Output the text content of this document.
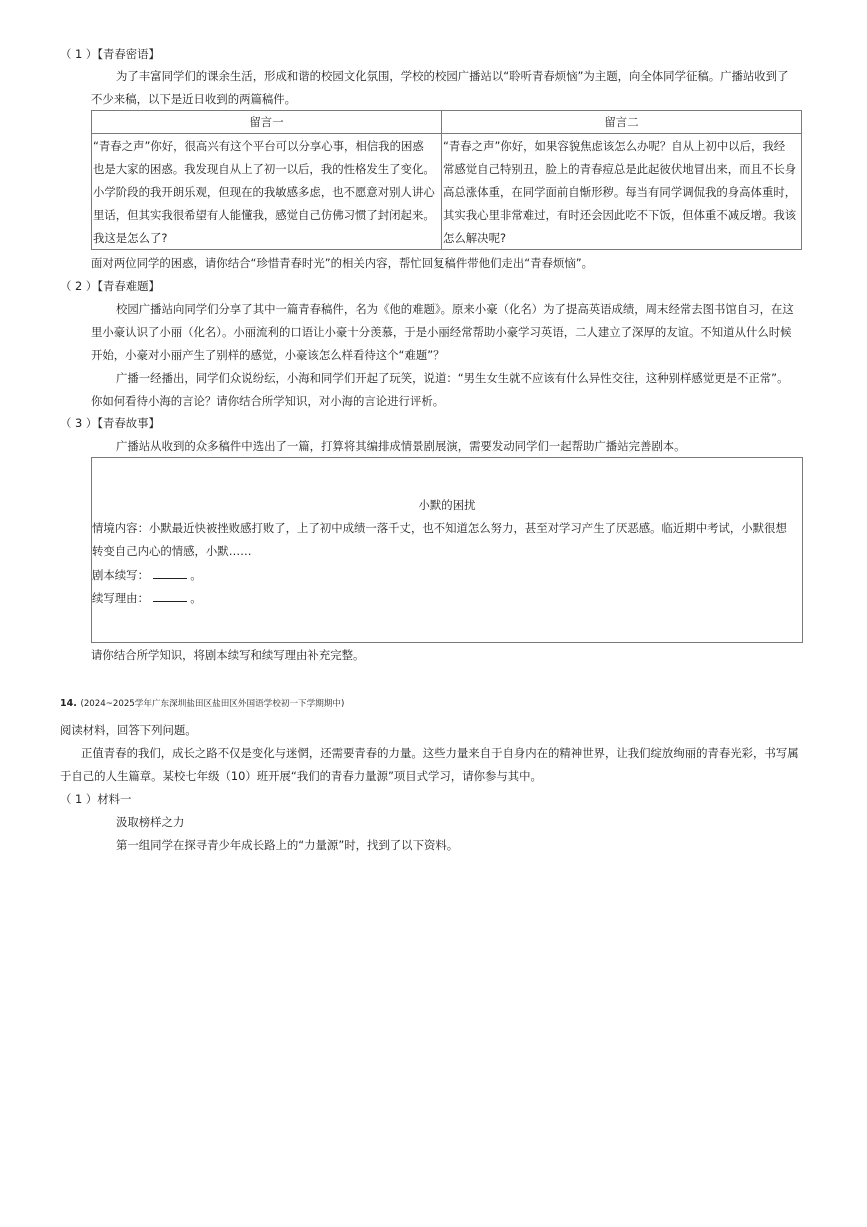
（ 1 ）【青春密语】
为了丰富同学们的课余生活，形成和谐的校园文化氛围，学校的校园广播站以“聆听青春烦恼”为主题，向全体同学征稿。广播站收到了
不少来稿，以下是近日收到的两篇稿件。
留言一	留言二
“青春之声”你好，很高兴有这个平台可以分享心事，相信我的困惑
也是大家的困惑。我发现自从上了初一以后，我的性格发生了变化。
小学阶段的我开朗乐观，但现在的我敏感多虑，也不愿意对别人讲心
里话，但其实我很希望有人能懂我，感觉自己仿佛习惯了封闭起来。
我这是怎么了?
“青春之声”你好，如果容貌焦虑该怎么办呢？自从上初中以后，我经
常感觉自己特别丑，脸上的青春痘总是此起彼伏地冒出来，而且不长身
高总涨体重，在同学面前自惭形秽。每当有同学调侃我的身高体重时，
其实我心里非常难过，有时还会因此吃不下饭，但体重不减反增。我该
怎么解决呢?
面对两位同学的困惑，请你结合“珍惜青春时光”的相关内容，帮忙回复稿件带他们走出“青春烦恼”。
（ 2 ）【青春难题】
校园广播站向同学们分享了其中一篇青春稿件，名为《他的难题》。原来小豪（化名）为了提高英语成绩，周末经常去图书馆自习，在这
里小豪认识了小丽（化名）。小丽流利的口语让小豪十分羡慕，于是小丽经常帮助小豪学习英语，二人建立了深厚的友谊。不知道从什么时候
开始，小豪对小丽产生了别样的感觉，小豪该怎么样看待这个“难题”？
广播一经播出，同学们众说纷纭，小海和同学们开起了玩笑，说道：“男生女生就不应该有什么异性交往，这种别样感觉更是不正常”。
你如何看待小海的言论？请你结合所学知识，对小海的言论进行评析。
（ 3 ）【青春故事】
广播站从收到的众多稿件中选出了一篇，打算将其编排成情景剧展演，需要发动同学们一起帮助广播站完善剧本。
小默的困扰
情境内容：小默最近快被挫败感打败了，上了初中成绩一落千丈，也不知道怎么努力，甚至对学习产生了厌恶感。临近期中考试，小默很想
转变自己内心的情感，小默……
剧本续写：	。
续写理由：	。
请你结合所学知识，将剧本续写和续写理由补充完整。
14. (2024~2025学年广东深圳盐田区盐田区外国语学校初一下学期期中)
阅读材料，回答下列问题。
正值青春的我们，成长之路不仅是变化与迷惘，还需要青春的力量。这些力量来自于自身内在的精神世界，让我们绽放绚丽的青春光彩，书写属
于自己的人生篇章。某校七年级（10）班开展“我们的青春力量源”项目式学习，请你参与其中。
（ 1 ）材料一
汲取榜样之力
第一组同学在探寻青少年成长路上的“力量源”时，找到了以下资料。
